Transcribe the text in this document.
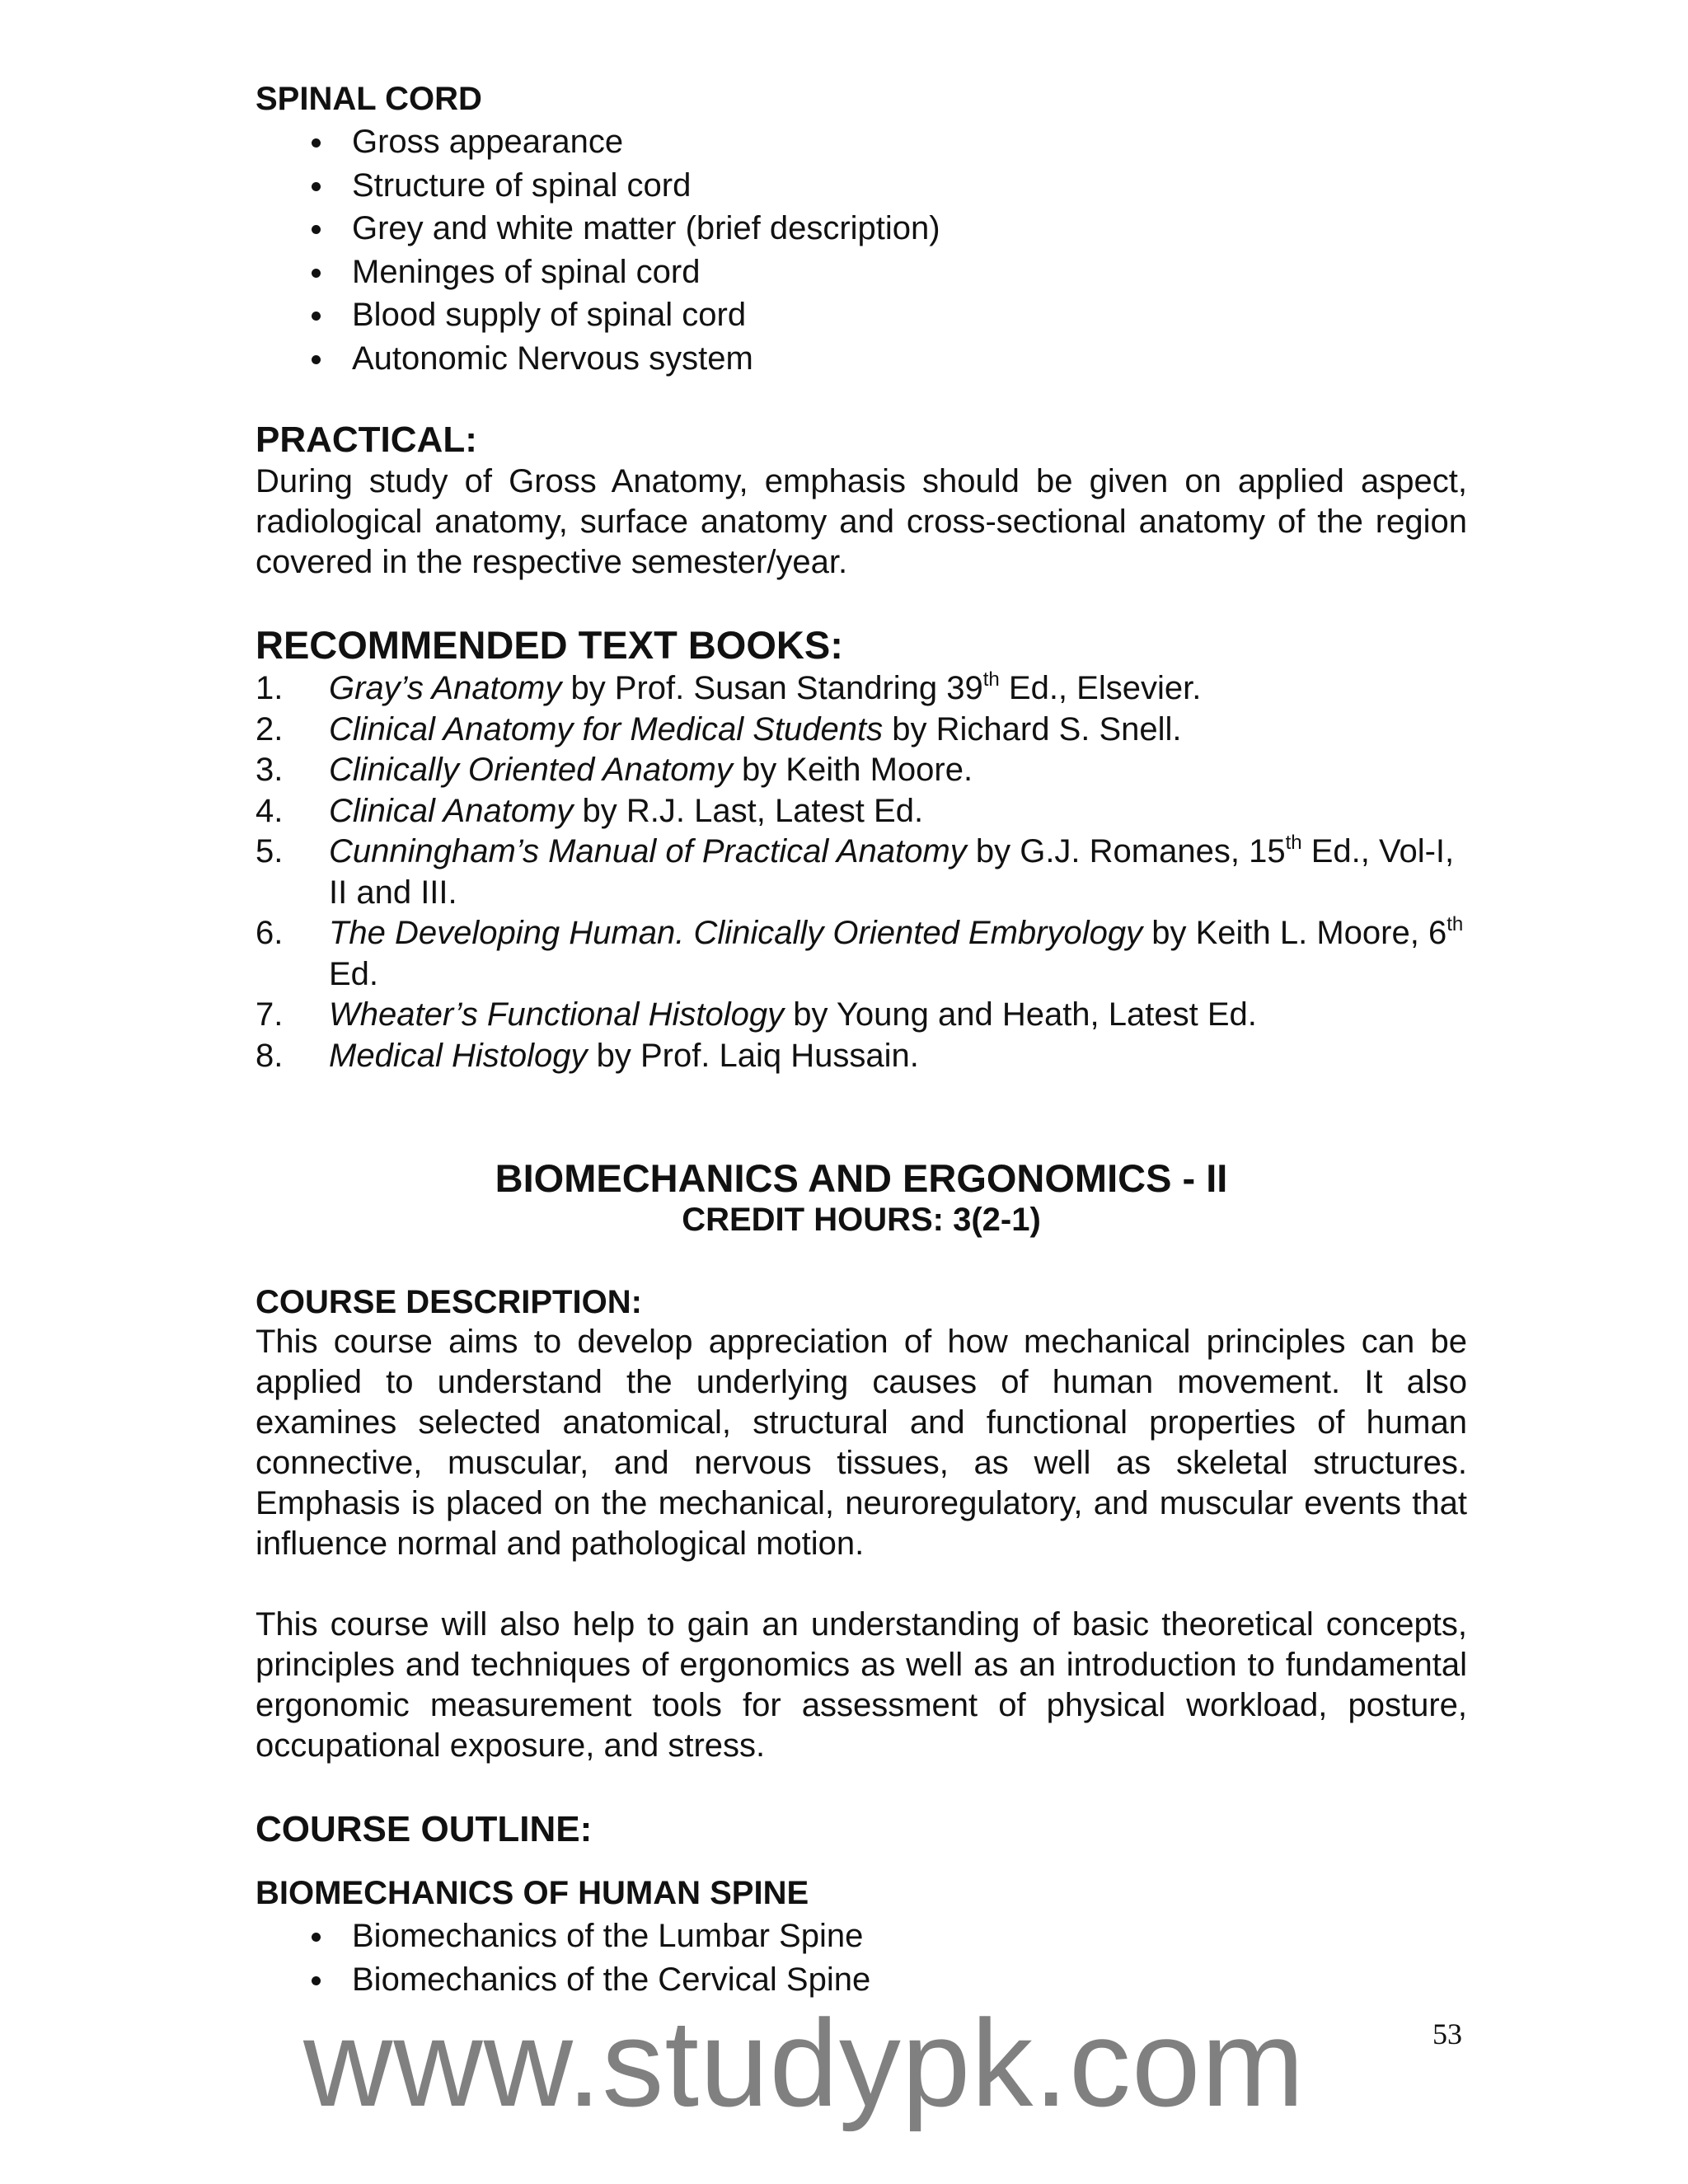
SPINAL CORD

Gross appearance
Structure of spinal cord
Grey and white matter (brief description)
Meninges of spinal cord
Blood supply of spinal cord
Autonomic Nervous system

PRACTICAL:

During study of Gross Anatomy, emphasis should be given on applied aspect, radiological anatomy, surface anatomy and cross-sectional anatomy of the region covered in the respective semester/year.

RECOMMENDED TEXT BOOKS:

1. Gray’s Anatomy by Prof. Susan Standring 39th Ed., Elsevier.
2. Clinical Anatomy for Medical Students by Richard S. Snell.
3. Clinically Oriented Anatomy by Keith Moore.
4. Clinical Anatomy by R.J. Last, Latest Ed.
5. Cunningham’s Manual of Practical Anatomy by G.J. Romanes, 15th Ed., Vol-I, II and III.
6. The Developing Human. Clinically Oriented Embryology by Keith L. Moore, 6th Ed.
7. Wheater’s Functional Histology by Young and Heath, Latest Ed.
8. Medical Histology by Prof. Laiq Hussain.

BIOMECHANICS AND ERGONOMICS - II

CREDIT HOURS: 3(2-1)

COURSE DESCRIPTION:

This course aims to develop appreciation of how mechanical principles can be applied to understand the underlying causes of human movement. It also examines selected anatomical, structural and functional properties of human connective, muscular, and nervous tissues, as well as skeletal structures. Emphasis is placed on the mechanical, neuroregulatory, and muscular events that influence normal and pathological motion.

This course will also help to gain an understanding of basic theoretical concepts, principles and techniques of ergonomics as well as an introduction to fundamental ergonomic measurement tools for assessment of physical workload, posture, occupational exposure, and stress.

COURSE OUTLINE:

BIOMECHANICS OF HUMAN SPINE

Biomechanics of the Lumbar Spine
Biomechanics of the Cervical Spine
www.studypk.com	53
